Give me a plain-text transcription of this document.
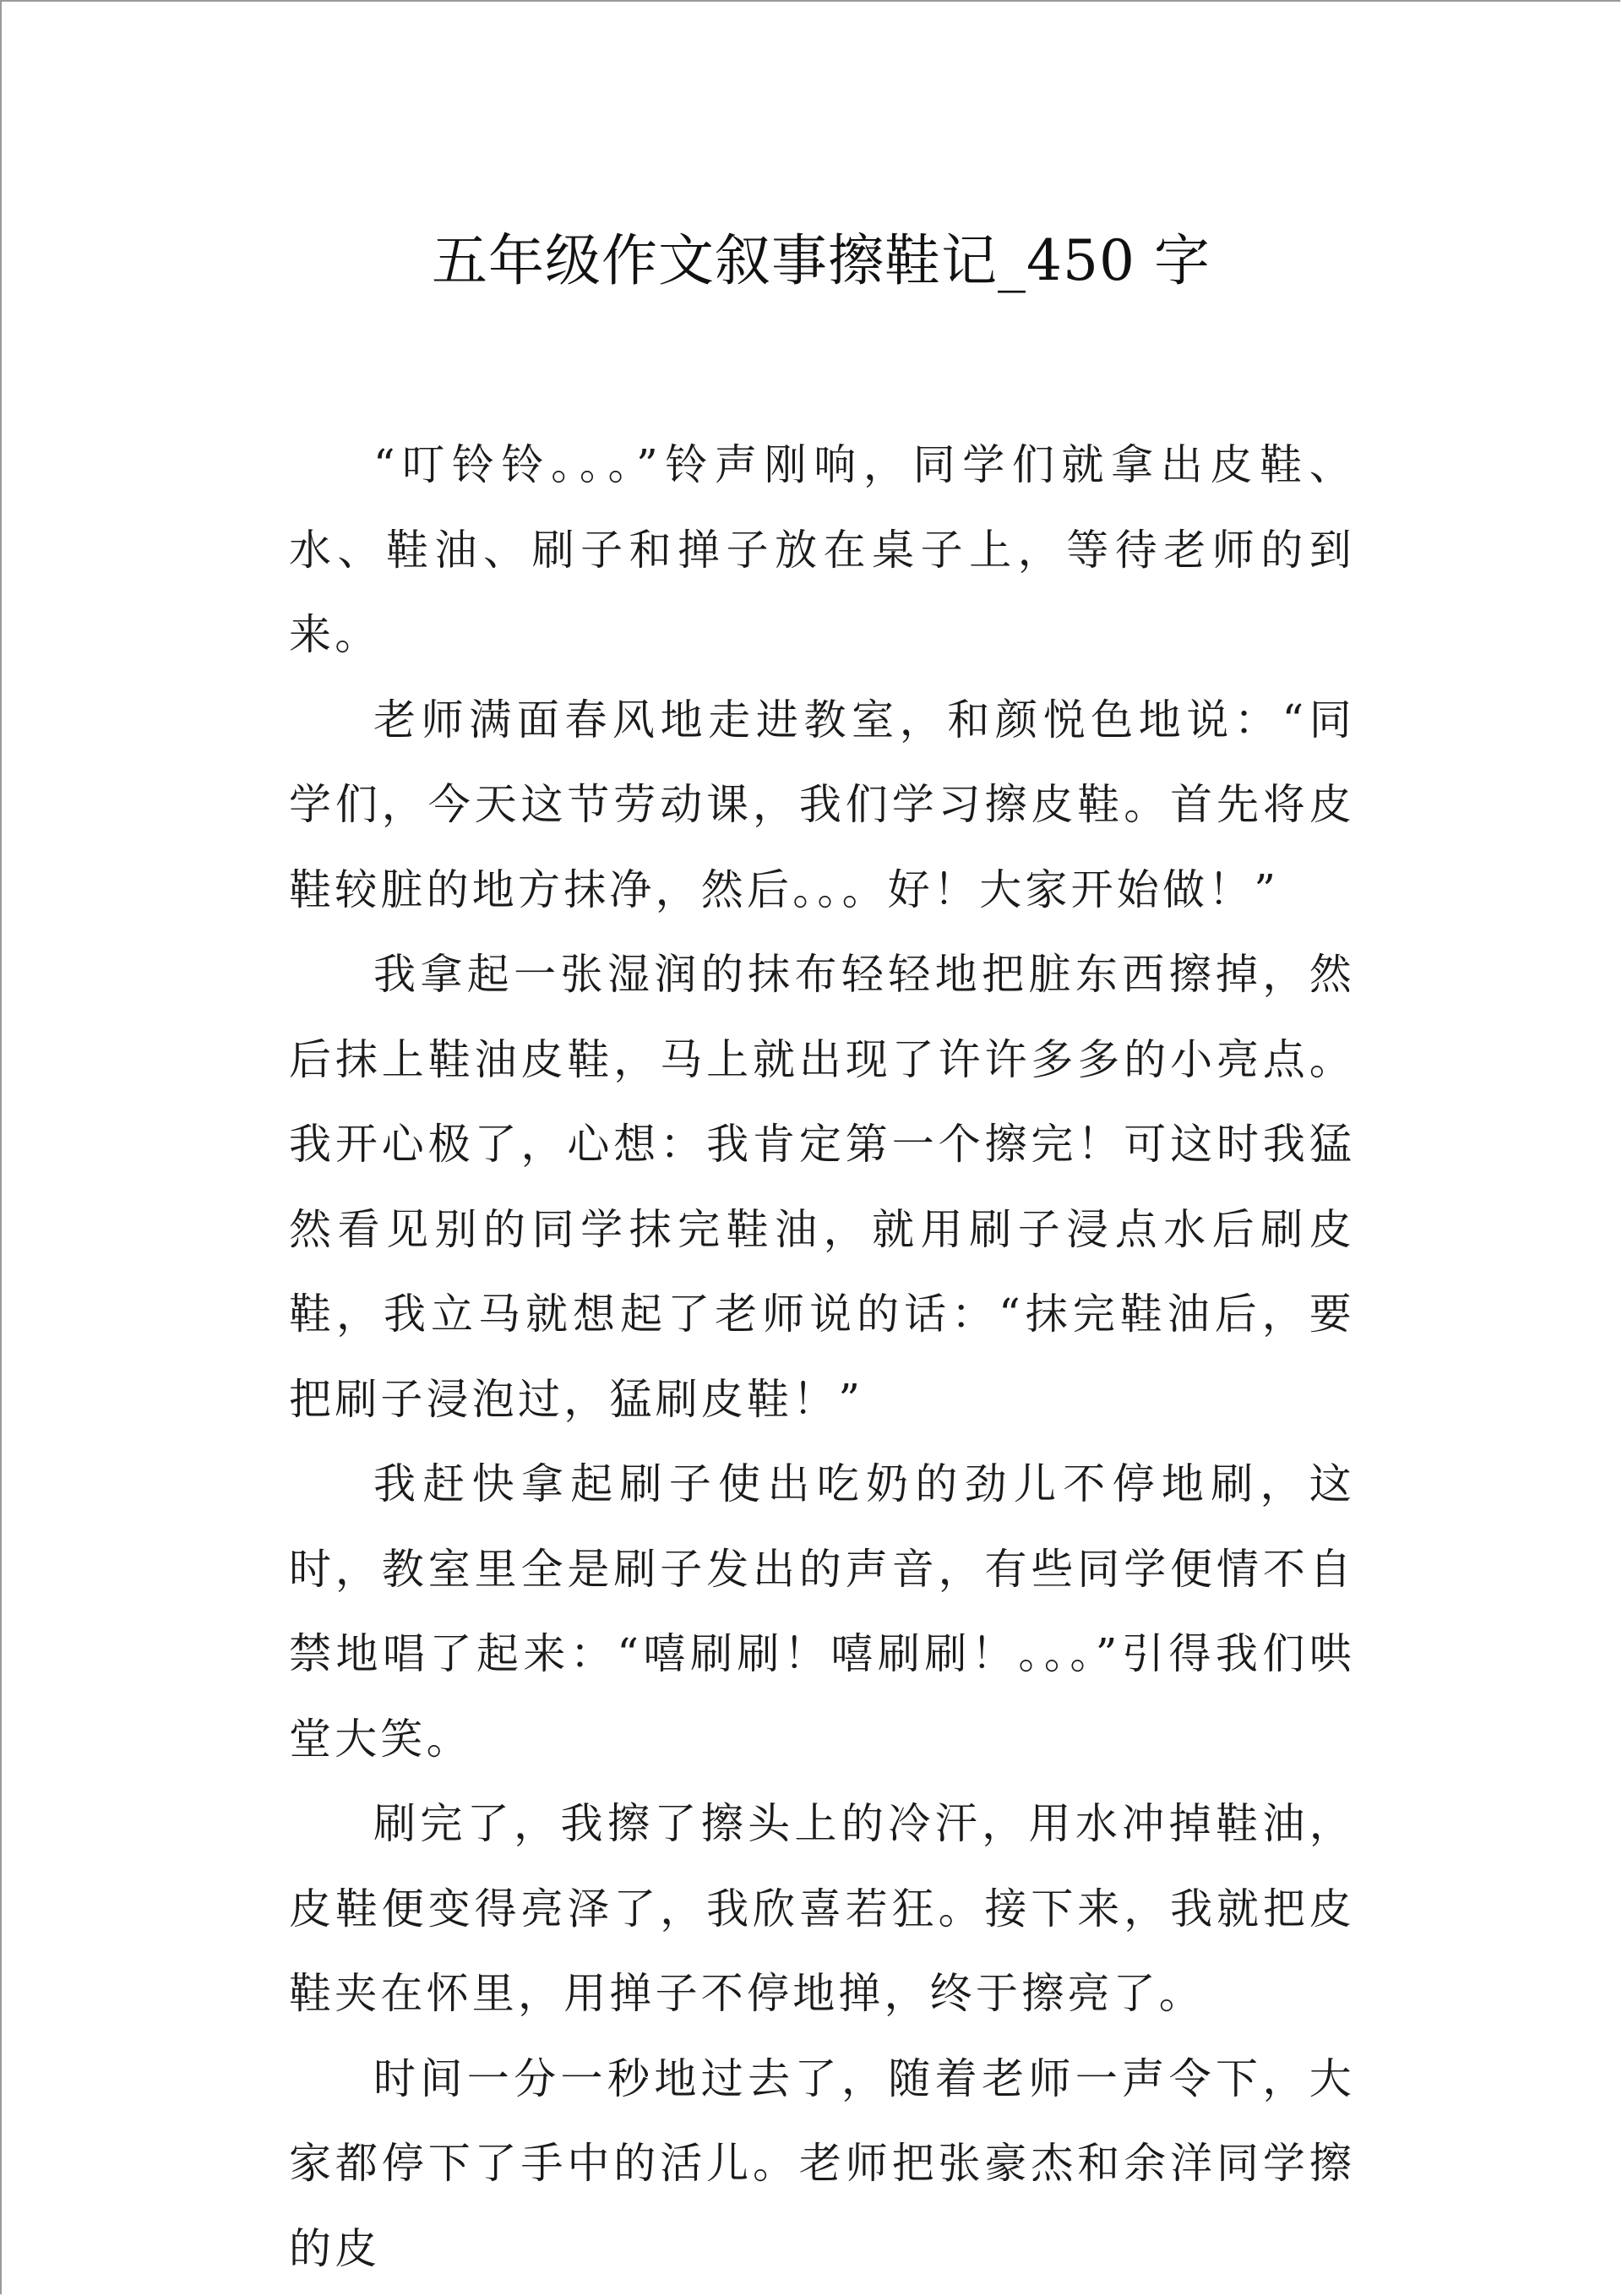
五年级作文叙事擦鞋记_450 字

“叮铃铃。。。”铃声刚响，同学们就拿出皮鞋、水、鞋油、刷子和掸子放在桌子上，等待老师的到来。

老师满面春风地走进教室，和颜悦色地说：“同学们，今天这节劳动课，我们学习擦皮鞋。首先将皮鞋较脏的地方抹净，然后。。。好！大家开始做！”

我拿起一张湿润的抹布轻轻地把脏东西擦掉，然后抹上鞋油皮鞋，马上就出现了许许多多的小亮点。我开心极了，心想：我肯定第一个擦完！可这时我猛然看见别的同学抹完鞋油，就用刷子浸点水后刷皮鞋，我立马就想起了老师说的话：“抹完鞋油后，要把刷子浸泡过，猛刷皮鞋！”

我赶快拿起刷子使出吃奶的劲儿不停地刷，这时，教室里全是刷子发出的声音，有些同学便情不自禁地唱了起来：“嘻刷刷！嘻刷刷！。。。”引得我们哄堂大笑。

刷完了，我擦了擦头上的冷汗，用水冲掉鞋油，皮鞋便变得亮泽了，我欣喜若狂。接下来，我就把皮鞋夹在怀里，用掸子不停地掸，终于擦亮了。

时间一分一秒地过去了，随着老师一声令下，大家都停下了手中的活儿。老师把张豪杰和余洋同学擦的皮
